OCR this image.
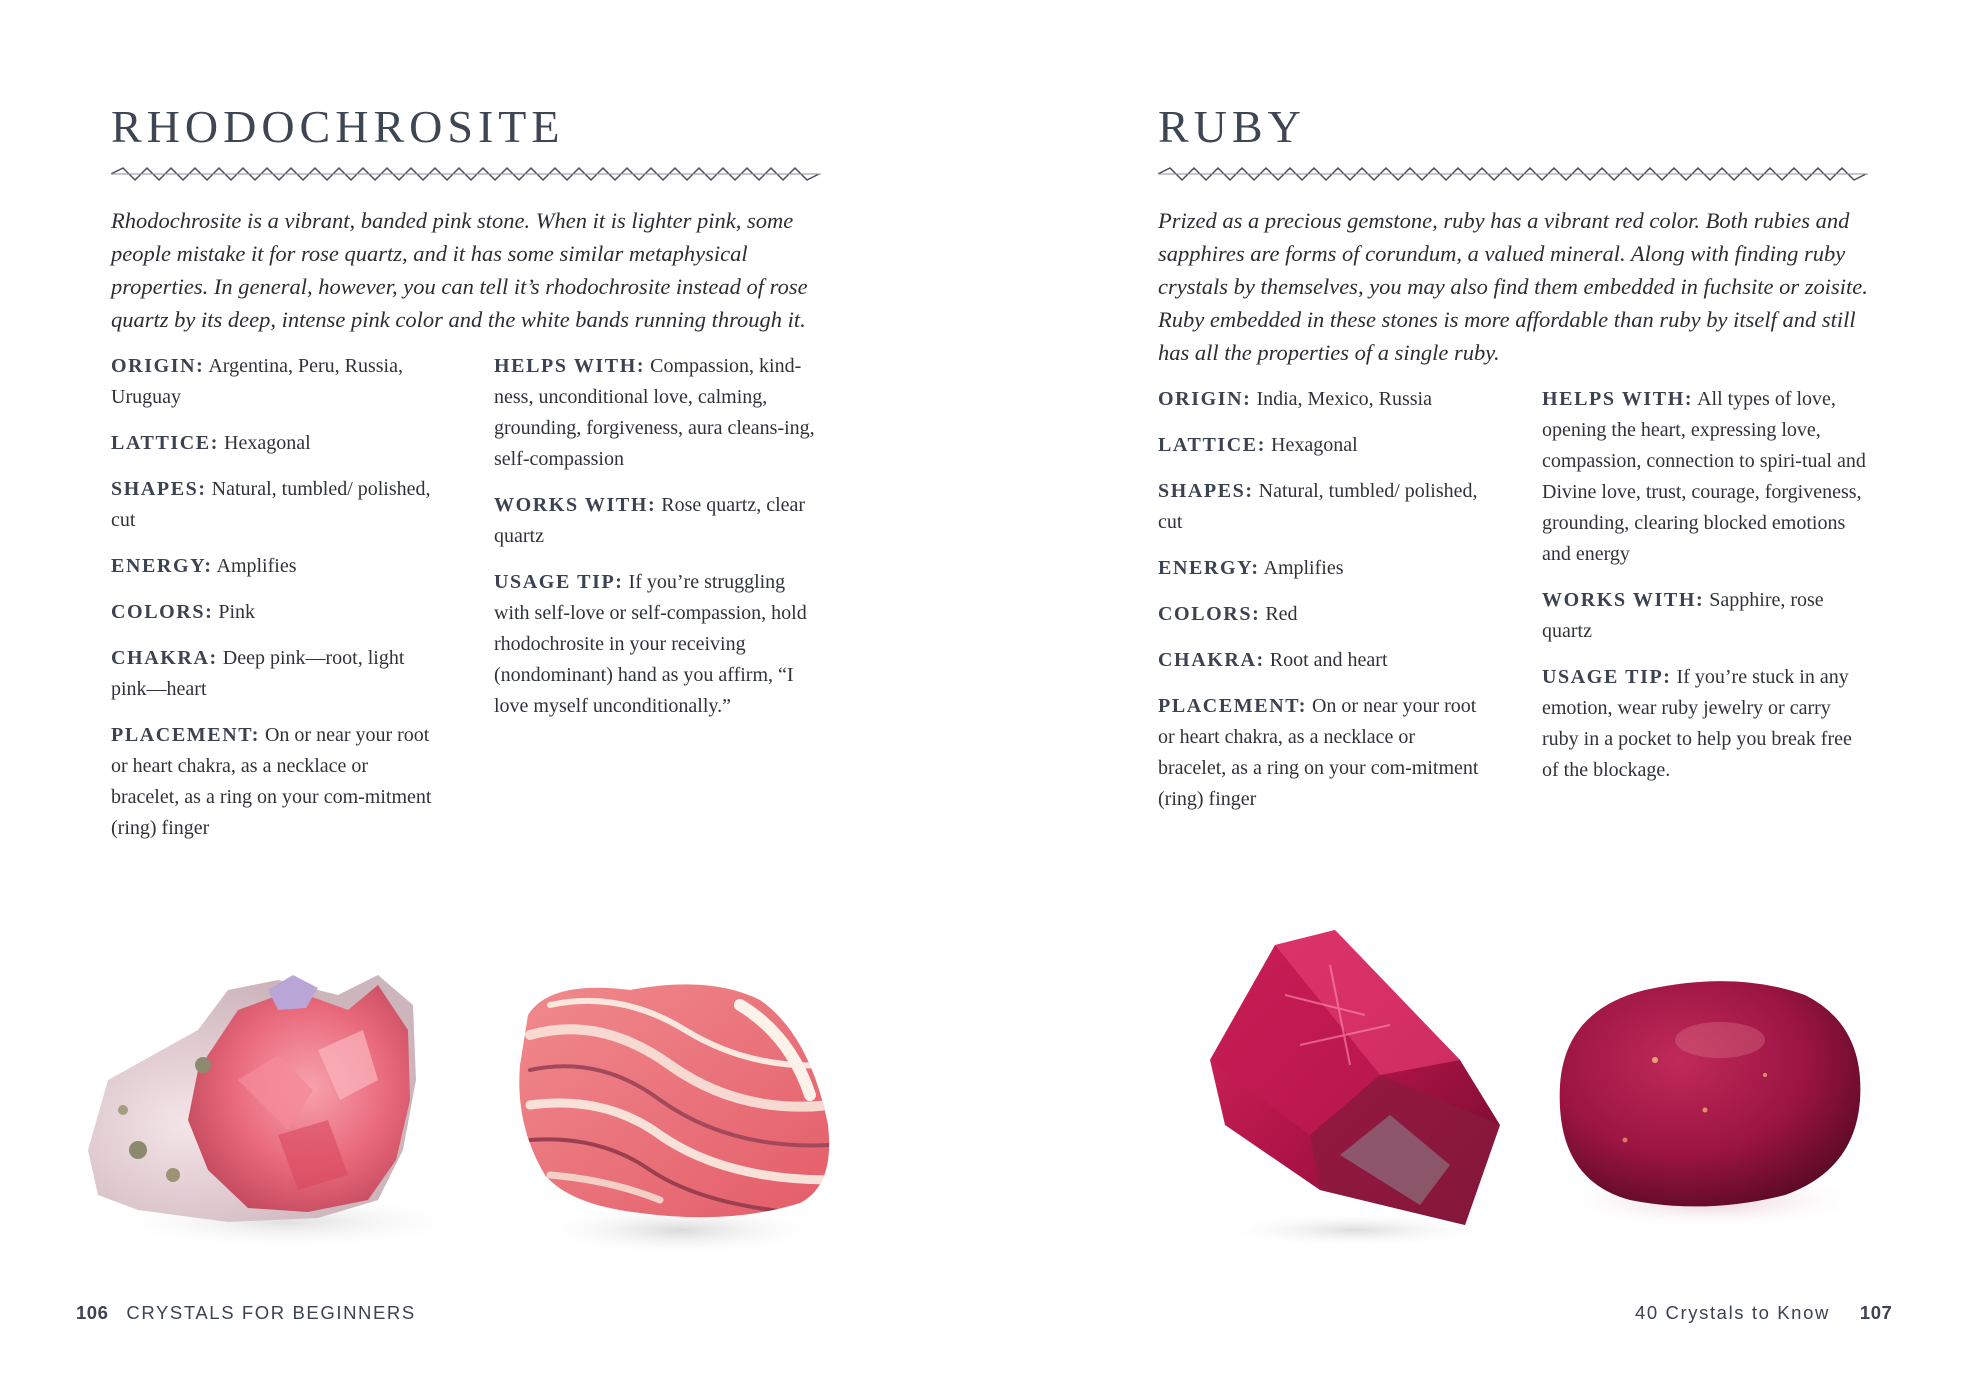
RHODOCHROSITE

Rhodochrosite is a vibrant, banded pink stone. When it is lighter pink, some people mistake it for rose quartz, and it has some similar metaphysical properties. In general, however, you can tell it’s rhodochrosite instead of rose quartz by its deep, intense pink color and the white bands running through it.

ORIGIN: Argentina, Peru, Russia, Uruguay

LATTICE: Hexagonal

SHAPES: Natural, tumbled/ polished, cut

ENERGY: Amplifies

COLORS: Pink

CHAKRA: Deep pink—root, light pink—heart

PLACEMENT: On or near your root or heart chakra, as a necklace or bracelet, as a ring on your com-mitment (ring) finger

HELPS WITH: Compassion, kind-ness, unconditional love, calming, grounding, forgiveness, aura cleans-ing, self-compassion

WORKS WITH: Rose quartz, clear quartz

USAGE TIP: If you’re struggling with self-love or self-compassion, hold rhodochrosite in your receiving (nondominant) hand as you affirm, “I love myself unconditionally.”

106 CRYSTALS FOR BEGINNERS
RUBY

Prized as a precious gemstone, ruby has a vibrant red color. Both rubies and sapphires are forms of corundum, a valued mineral. Along with finding ruby crystals by themselves, you may also find them embedded in fuchsite or zoisite. Ruby embedded in these stones is more affordable than ruby by itself and still has all the properties of a single ruby.

ORIGIN: India, Mexico, Russia

LATTICE: Hexagonal

SHAPES: Natural, tumbled/ polished, cut

ENERGY: Amplifies

COLORS: Red

CHAKRA: Root and heart

PLACEMENT: On or near your root or heart chakra, as a necklace or bracelet, as a ring on your com-mitment (ring) finger

HELPS WITH: All types of love, opening the heart, expressing love, compassion, connection to spiri-tual and Divine love, trust, courage, forgiveness, grounding, clearing blocked emotions and energy

WORKS WITH: Sapphire, rose quartz

USAGE TIP: If you’re stuck in any emotion, wear ruby jewelry or carry ruby in a pocket to help you break free of the blockage.

40 Crystals to Know 107
